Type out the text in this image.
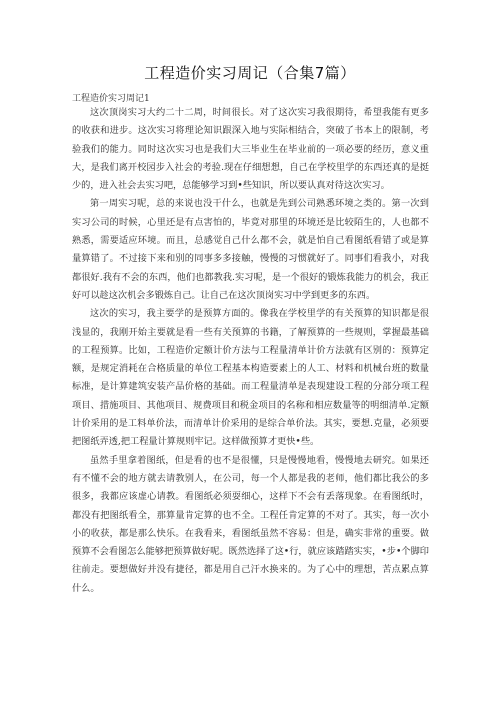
工程造价实习周记（合集7篇）
工程造价实习周记1

这次顶岗实习大约二十二周，时间很长。对了这次实习我很期待，希望我能有更多的收获和进步。这次实习将理论知识跟深入地与实际相结合，突破了书本上的限制，考验我们的能力。同时这次实习也是我们大三毕业生在毕业前的一项必要的经历，意义重大，是我们离开校园步入社会的考验.现在仔细想想，自己在学校里学的东西还真的是挺少的，进入社会去实习吧，总能够学习到•些知识，所以要认真对待这次实习。

第一周实习呢，总的来说也没干什么，也就是先到公司熟悉环境之类的。第一次到实习公司的时候，心里还是有点害怕的，毕竟对那里的环境还是比较陌生的，人也都不熟悉，需要适应环境。而且，总感觉自己什么都不会，就是怕自己看图纸看错了或是算量算错了。不过接下来和别的同事多多接触，慢慢的习惯就好了。同事们看我小，对我都很好.我有不会的东西，他们也都教我.实习呢，是一个很好的锻炼我能力的机会，我正好可以趁这次机会多锻炼自己。让自己在这次顶岗实习中学到更多的东西。

这次的实习，我主要学的是预算方面的。像我在学校里学的有关预算的知识都是很浅显的，我刚开始主要就是看一些有关预算的书籍，了解预算的一些规则，掌握最基础的工程预算。比如，工程造价定额计价方法与工程量清单计价方法就有区别的：预算定额，是规定消耗在合格质量的单位工程基本构造要素上的人工、材料和机械台班的数量标准，是计算建筑安装产品价格的基础。而工程量清单是表现建设工程的分部分项工程项目、措施项目、其他项目、规费项目和税金项目的名称和相应数量等的明细清单.定额计价采用的是工料单价法，而清单计价采用的是综合单价法。其实，要想.克量，必须要把图纸弄透,把工程量计算规则牢记。这样做预算才更快•些。

虽然手里拿着图纸，但是看的也不是很懂，只是慢慢地看，慢慢地去研究。如果还有不懂不会的地方就去请教别人，在公司，每一个人都是我的老师，他们都比我公的多很多，我都应该虚心请教。看图纸必须耍细心，这样下不会有丢落现象。在看图纸时，都没有把图纸看全，那算量肯定算的也不全。工程任肯定算的不对了。其实，每一次小小的收获，都是那么快乐。在我看来，看图纸虽然不容易：但是，确实非常的重要。做预算不会看图怎么能够把预算做好呢。既然选择了这•行，就应该踏踏实实，•步•个脚印往前走。要想做好并没有捷径，都是用自己汗水换来的。为了心中的理想，苦点累点算什么。
